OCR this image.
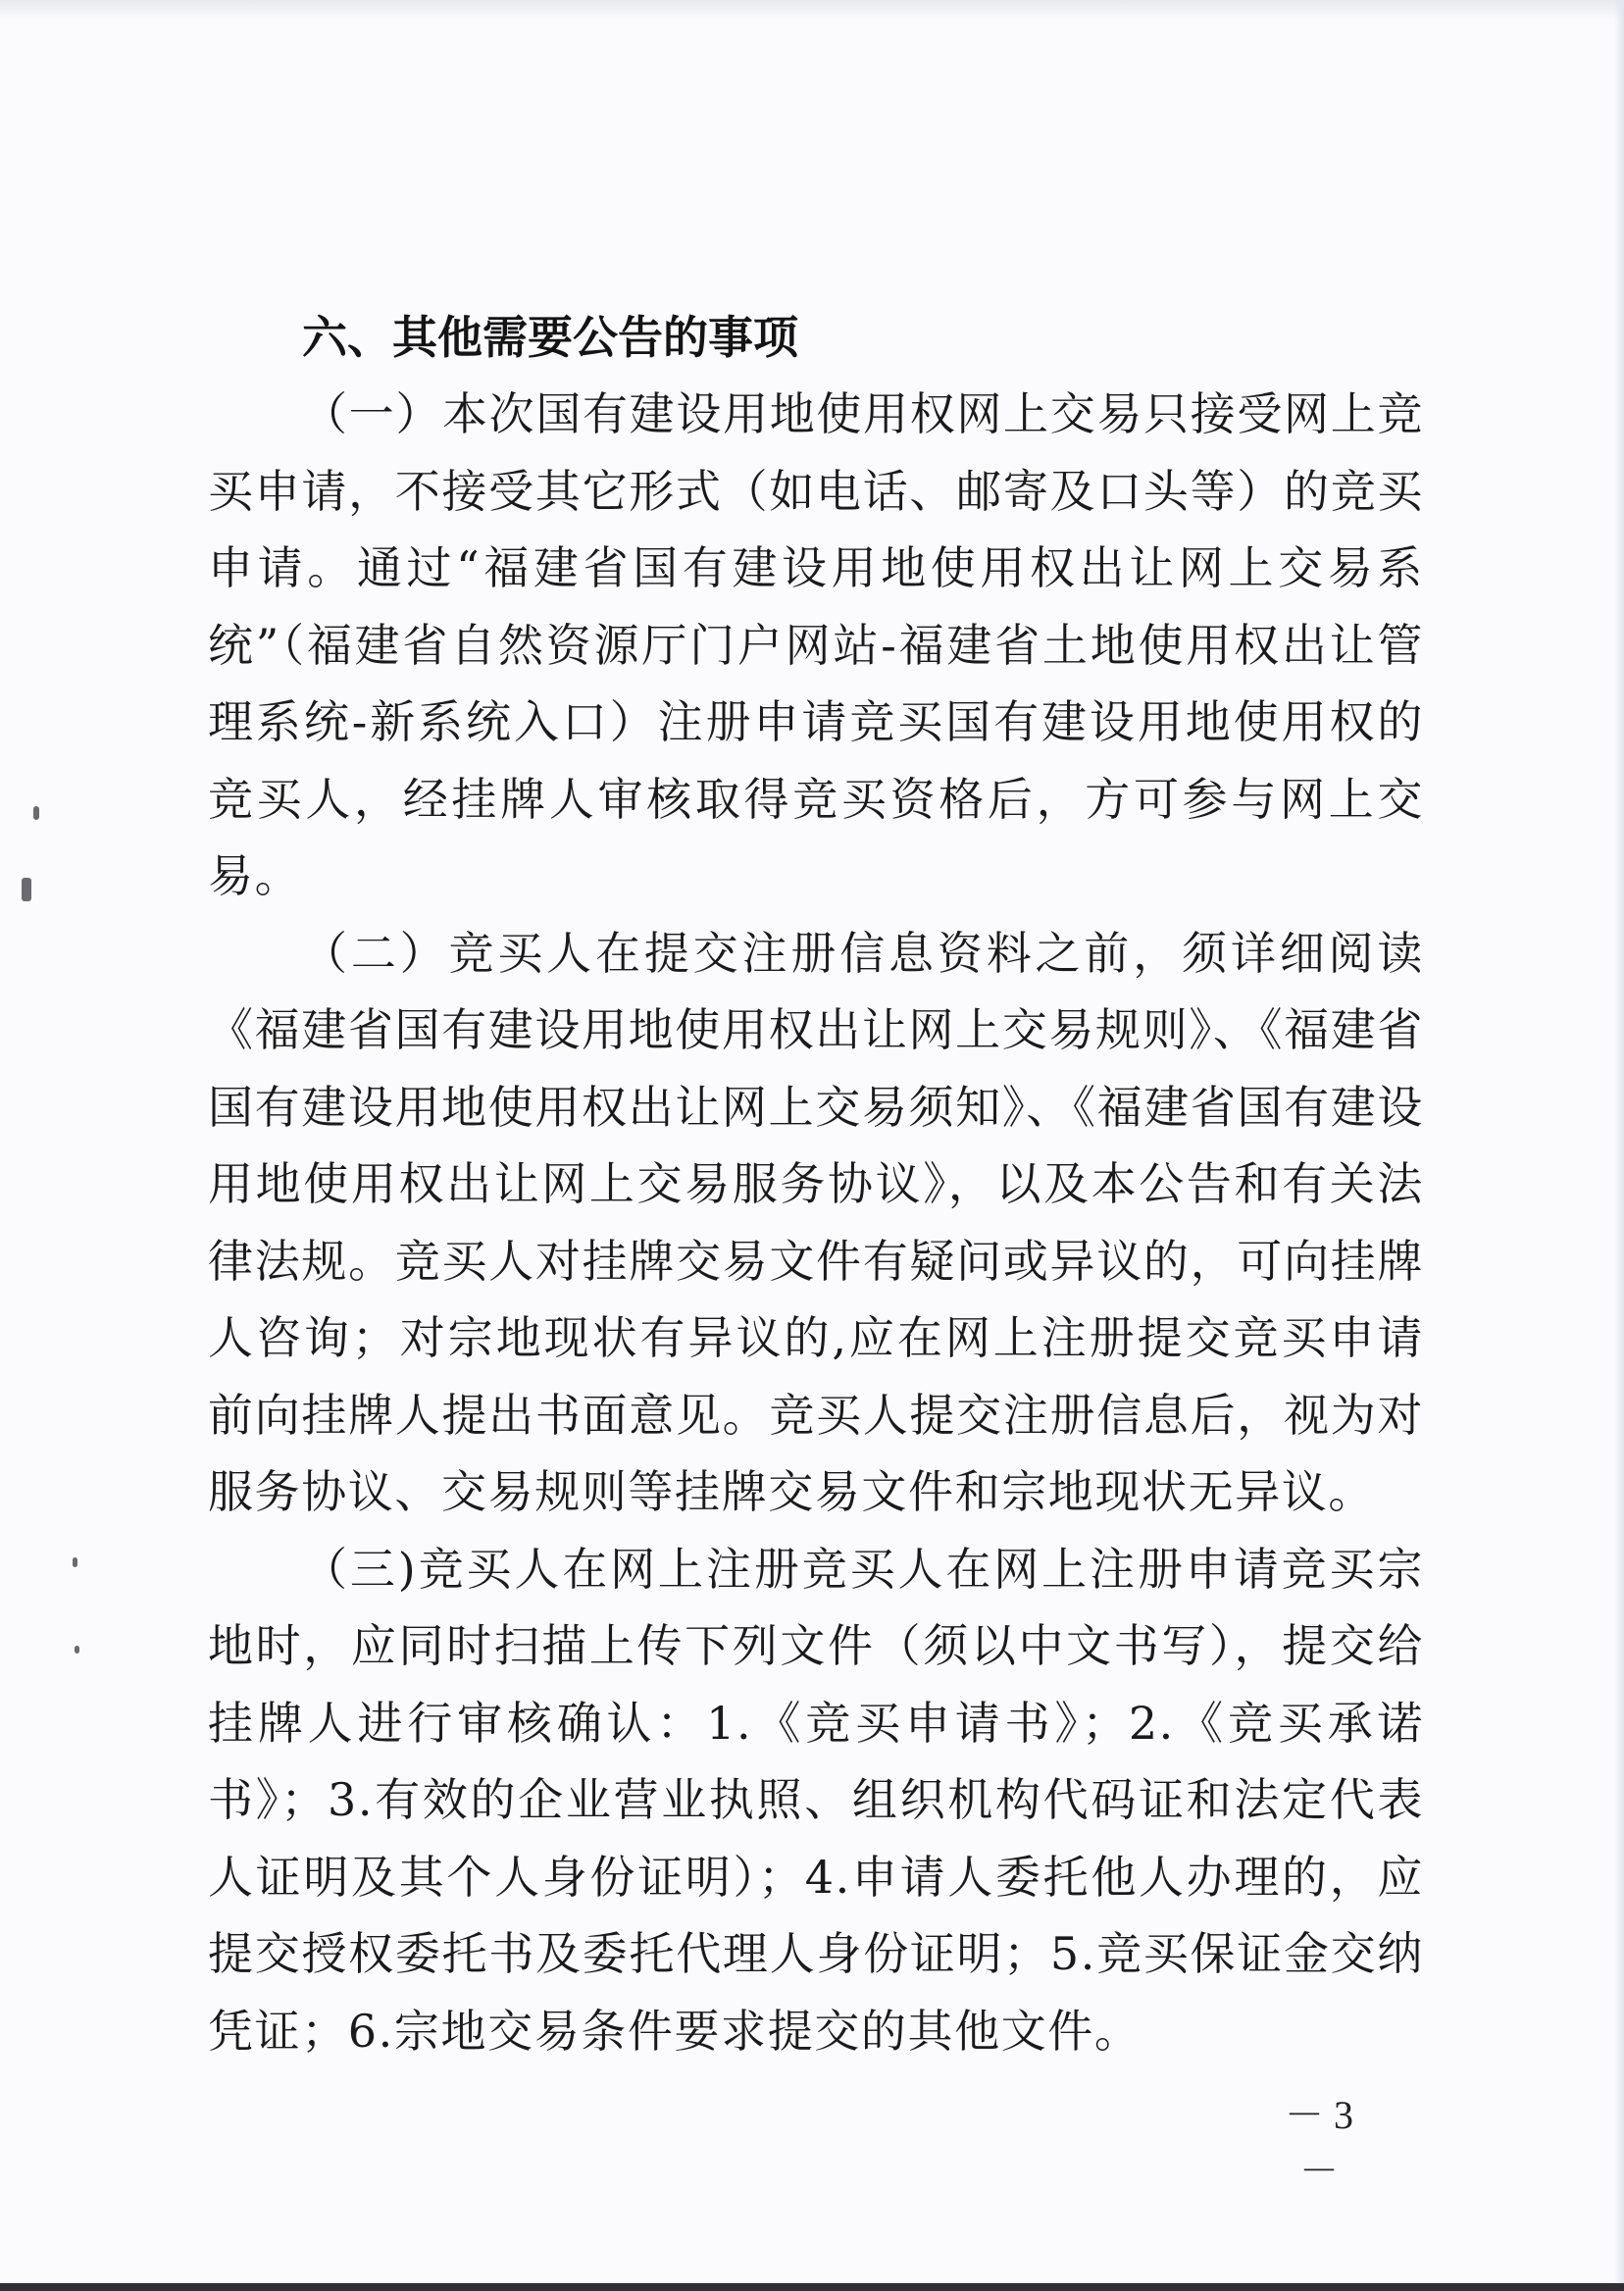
六、其他需要公告的事项

（一）本次国有建设用地使用权网上交易只接受网上竞买申请，不接受其它形式（如电话、邮寄及口头等）的竞买申请。通过“福建省国有建设用地使用权出让网上交易系统”（福建省自然资源厅门户网站-福建省土地使用权出让管理系统-新系统入口）注册申请竞买国有建设用地使用权的竞买人，经挂牌人审核取得竞买资格后，方可参与网上交易。

（二）竞买人在提交注册信息资料之前，须详细阅读《福建省国有建设用地使用权出让网上交易规则》、《福建省国有建设用地使用权出让网上交易须知》、《福建省国有建设用地使用权出让网上交易服务协议》，以及本公告和有关法律法规。竞买人对挂牌交易文件有疑问或异议的，可向挂牌人咨询；对宗地现状有异议的,应在网上注册提交竞买申请前向挂牌人提出书面意见。竞买人提交注册信息后，视为对服务协议、交易规则等挂牌交易文件和宗地现状无异议。

（三)竞买人在网上注册竞买人在网上注册申请竞买宗地时，应同时扫描上传下列文件（须以中文书写），提交给挂牌人进行审核确认：1.《竞买申请书》；2.《竞买承诺书》；3.有效的企业营业执照、组织机构代码证和法定代表人证明及其个人身份证明）；4.申请人委托他人办理的，应提交授权委托书及委托代理人身份证明；5.竞买保证金交纳凭证；6.宗地交易条件要求提交的其他文件。

－ 3 －
